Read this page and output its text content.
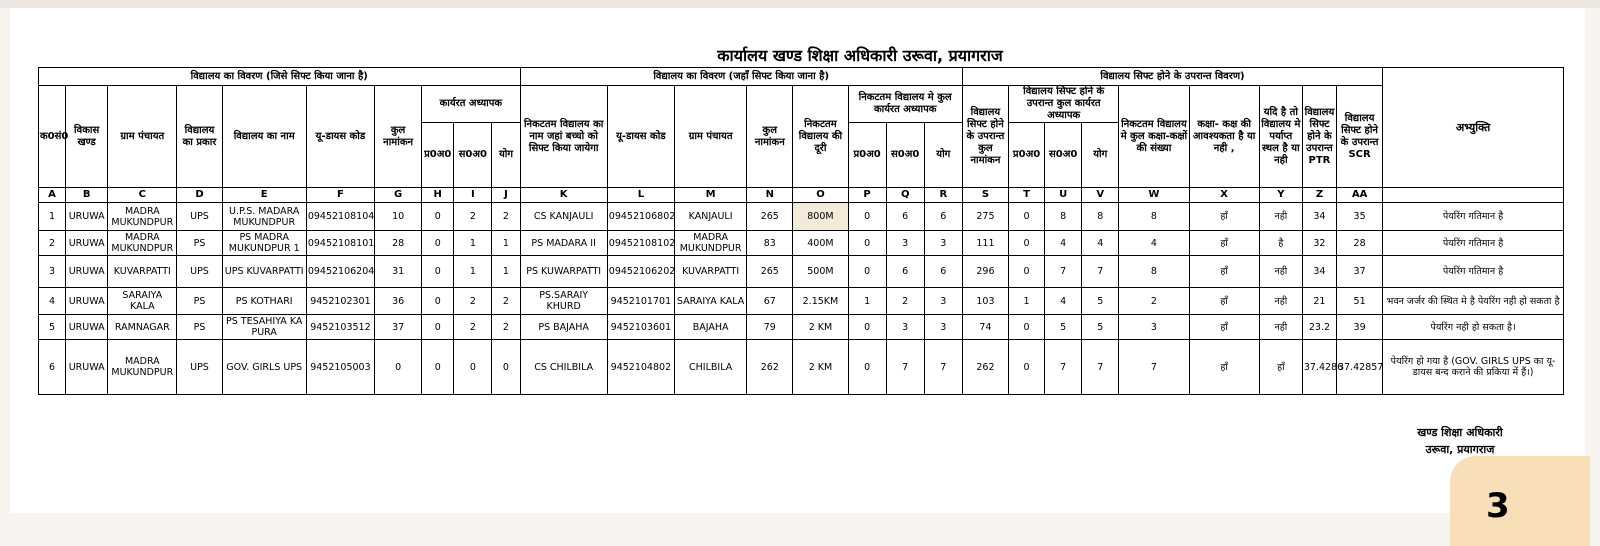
कार्यालय खण्ड शिक्षा अधिकारी उरूवा, प्रयागराज
विद्यालय का विवरण (जिसे सिफ्ट किया जाना है)										विद्यालय का विवरण (जहाँ सिफ्ट किया जाना है)								विद्यालय सिफ्ट होने के उपरान्त विवरण)									अभ्युक्ति
क0सं0	विकास खण्ड	ग्राम पंचायत	विद्यालय का प्रकार	विद्यालय का नाम	यू-डायस कोड	कुल नामांकन	कार्यरत अध्यापक			निकटतम विद्यालय का नाम जहां बच्चो को सिफ्ट किया जायेगा	यू-डायस कोड	ग्राम पंचायत	कुल नामांकन	निकटतम विद्यालय की दूरी	निकटतम विद्यालय मे कुल कार्यरत अध्यापक			विद्यालय सिफ्ट होने के उपरान्त कुल नामांकन	विद्यालय सिफ्ट होने के उपरान्त कुल कार्यरत अध्यापक			निकटतम विद्यालय मे कुल कक्षा-कक्षों की संख्या	कक्षा- कक्ष की आवश्यकता है या नही ,	यदि है तो विद्यालय मे पर्याप्त स्थल है या नही	विद्यालय सिफ्ट होने के उपरान्त PTR	विद्यालय सिफ्ट होने के उपरान्त SCR	
							प्र0अ0	स0अ0	योग						प्र0अ0	स0अ0	योग		प्र0अ0	स0अ0	योग						
A	B	C	D	E	F	G	H	I	J	K	L	M	N	O	P	Q	R	S	T	U	V	W	X	Y	Z	AA	
1	URUWA	MADRA MUKUNDPUR	UPS	U.P.S. MADARA MUKUNDPUR	09452108104	10	0	2	2	CS KANJAULI	09452106802	KANJAULI	265	800M	0	6	6	275	0	8	8	8	हाँ	नही	34	35	पेयरिंग गतिमान है
2	URUWA	MADRA MUKUNDPUR	PS	PS MADRA MUKUNDPUR 1	09452108101	28	0	1	1	PS MADARA II	09452108102	MADRA MUKUNDPUR	83	400M	0	3	3	111	0	4	4	4	हाँ	है	32	28	पेयरिंग गतिमान है
3	URUWA	KUVARPATTI	UPS	UPS KUVARPATTI	09452106204	31	0	1	1	PS KUWARPATTI	09452106202	KUVARPATTI	265	500M	0	6	6	296	0	7	7	8	हाँ	नही	34	37	पेयरिंग गतिमान है
4	URUWA	SARAIYA KALA	PS	PS KOTHARI	9452102301	36	0	2	2	PS.SARAIY KHURD	9452101701	SARAIYA KALA	67	2.15KM	1	2	3	103	1	4	5	2	हाँ	नही	21	51	भवन जर्जर की स्थित मे है पेयरिंग नही हो सकता है
5	URUWA	RAMNAGAR	PS	PS TESAHIYA KA PURA	9452103512	37	0	2	2	PS BAJAHA	9452103601	BAJAHA	79	2 KM	0	3	3	74	0	5	5	3	हाँ	नही	23.2	39	पेयरिंग नही हो सकता है।
6	URUWA	MADRA MUKUNDPUR	UPS	GOV. GIRLS UPS	9452105003	0	0	0	0	CS CHILBILA	9452104802	CHILBILA	262	2 KM	0	7	7	262	0	7	7	7	हाँ	हाँ	37.4286	37.42857	पेयरिंग हो गया है (GOV. GIRLS UPS का यू-डायस बन्द कराने की प्रकिया में हैं।)
खण्ड शिक्षा अधिकारी
उरूवा, प्रयागराज
3
